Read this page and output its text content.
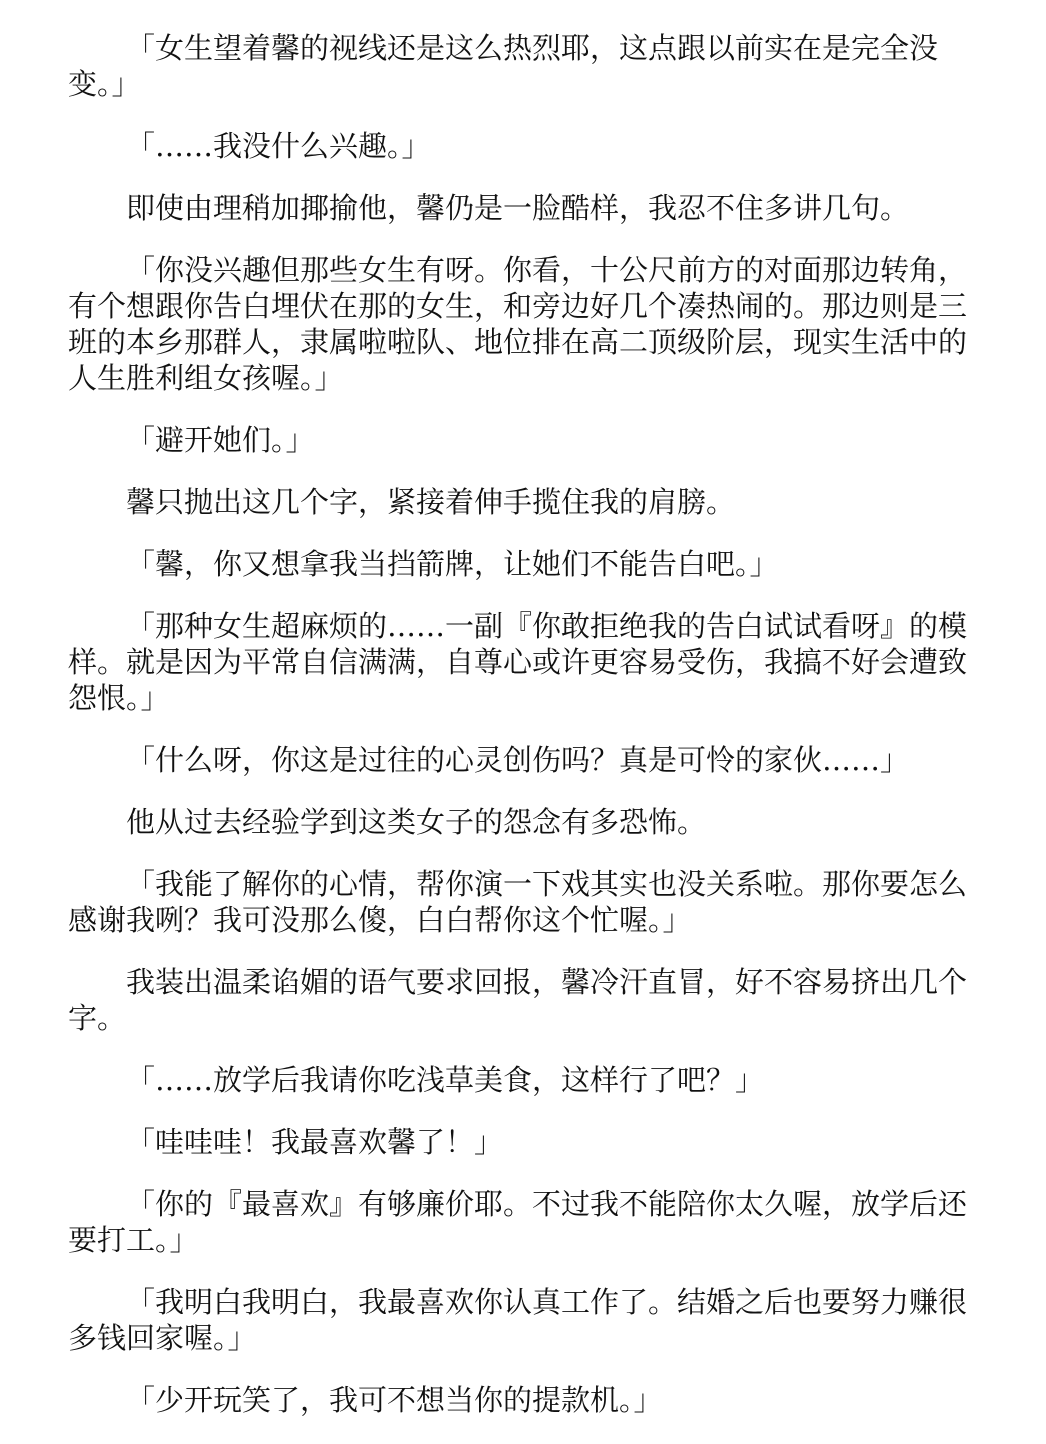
「女生望着馨的视线还是这么热烈耶，这点跟以前实在是完全没变。」

「……我没什么兴趣。」

即使由理稍加揶揄他，馨仍是一脸酷样，我忍不住多讲几句。

「你没兴趣但那些女生有呀。你看，十公尺前方的对面那边转角，有个想跟你告白埋伏在那的女生，和旁边好几个凑热闹的。那边则是三班的本乡那群人，隶属啦啦队、地位排在高二顶级阶层，现实生活中的人生胜利组女孩喔。」

「避开她们。」

馨只抛出这几个字，紧接着伸手揽住我的肩膀。

「馨，你又想拿我当挡箭牌，让她们不能告白吧。」

「那种女生超麻烦的……一副『你敢拒绝我的告白试试看呀』的模样。就是因为平常自信满满，自尊心或许更容易受伤，我搞不好会遭致怨恨。」

「什么呀，你这是过往的心灵创伤吗？真是可怜的家伙……」

他从过去经验学到这类女子的怨念有多恐怖。

「我能了解你的心情，帮你演一下戏其实也没关系啦。那你要怎么感谢我咧？我可没那么傻，白白帮你这个忙喔。」

我装出温柔谄媚的语气要求回报，馨冷汗直冒，好不容易挤出几个字。

「……放学后我请你吃浅草美食，这样行了吧？」

「哇哇哇！我最喜欢馨了！」

「你的『最喜欢』有够廉价耶。不过我不能陪你太久喔，放学后还要打工。」

「我明白我明白，我最喜欢你认真工作了。结婚之后也要努力赚很多钱回家喔。」

「少开玩笑了，我可不想当你的提款机。」
